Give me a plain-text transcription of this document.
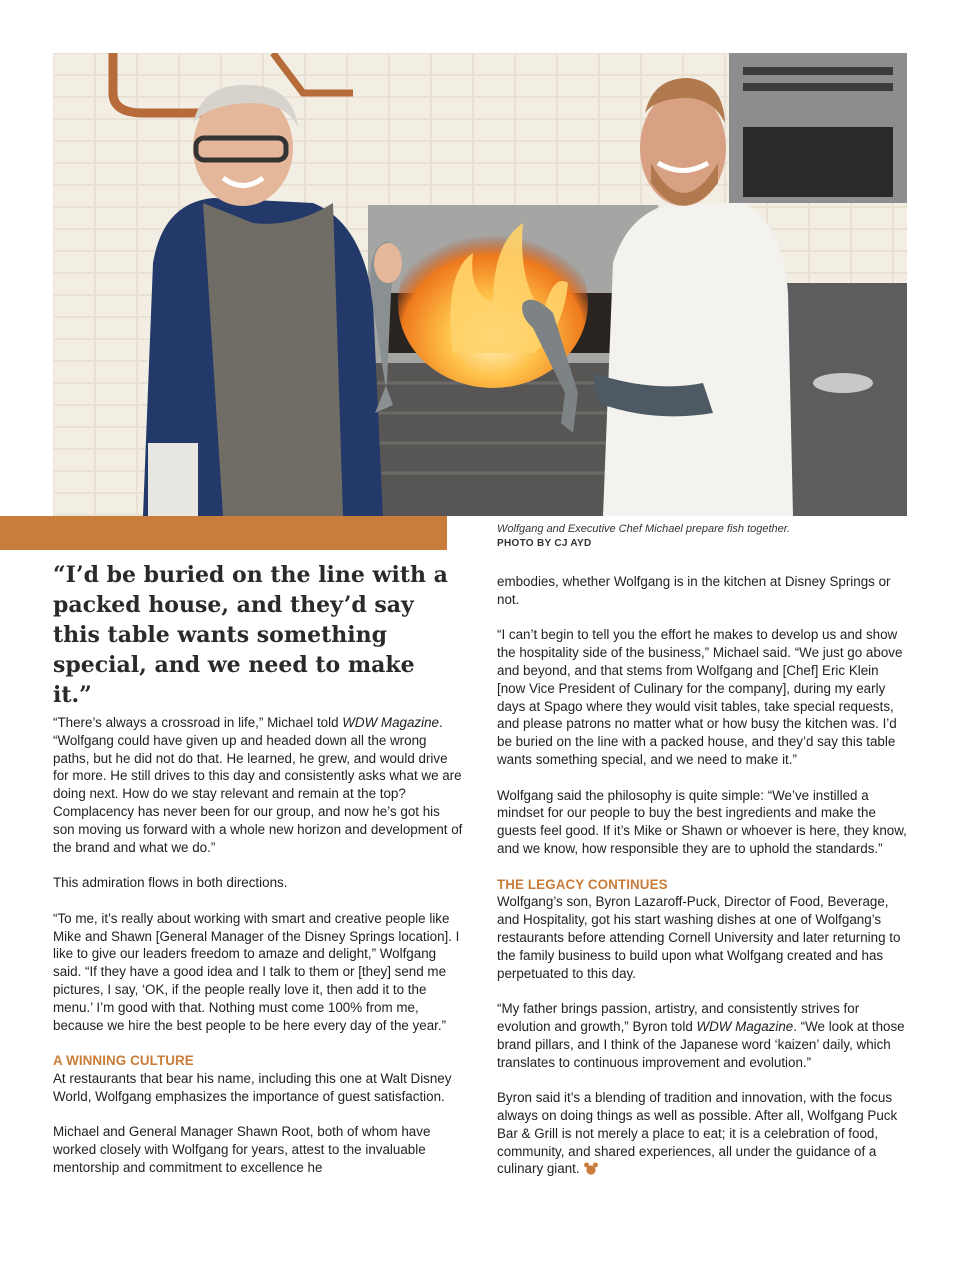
Wolfgang and Executive Chef Michael prepare fish together.
PHOTO BY CJ AYD
“I’d be buried on the line with a packed house, and they’d say this table wants something special, and we need to make it.”

“There’s always a crossroad in life,” Michael told WDW Magazine. “Wolfgang could have given up and headed down all the wrong paths, but he did not do that. He learned, he grew, and would drive for more. He still drives to this day and consistently asks what we are doing next. How do we stay relevant and remain at the top? Complacency has never been for our group, and now he’s got his son moving us forward with a whole new horizon and development of the brand and what we do.”

This admiration flows in both directions.

“To me, it’s really about working with smart and creative people like Mike and Shawn [General Manager of the Disney Springs location]. I like to give our leaders freedom to amaze and delight,” Wolfgang said. “If they have a good idea and I talk to them or [they] send me pictures, I say, ‘OK, if the people really love it, then add it to the menu.’ I’m good with that. Nothing must come 100% from me, because we hire the best people to be here every day of the year.”

A WINNING CULTURE

At restaurants that bear his name, including this one at Walt Disney World, Wolfgang emphasizes the importance of guest satisfaction.

Michael and General Manager Shawn Root, both of whom have worked closely with Wolfgang for years, attest to the invaluable mentorship and commitment to excellence he

embodies, whether Wolfgang is in the kitchen at Disney Springs or not.

“I can’t begin to tell you the effort he makes to develop us and show the hospitality side of the business,” Michael said. “We just go above and beyond, and that stems from Wolfgang and [Chef] Eric Klein [now Vice President of Culinary for the company], during my early days at Spago where they would visit tables, take special requests, and please patrons no matter what or how busy the kitchen was. I’d be buried on the line with a packed house, and they’d say this table wants something special, and we need to make it.”

Wolfgang said the philosophy is quite simple: “We’ve instilled a mindset for our people to buy the best ingredients and make the guests feel good. If it’s Mike or Shawn or whoever is here, they know, and we know, how responsible they are to uphold the standards.”

THE LEGACY CONTINUES

Wolfgang’s son, Byron Lazaroff-Puck, Director of Food, Beverage, and Hospitality, got his start washing dishes at one of Wolfgang’s restaurants before attending Cornell University and later returning to the family business to build upon what Wolfgang created and has perpetuated to this day.

“My father brings passion, artistry, and consistently strives for evolution and growth,” Byron told WDW Magazine. “We look at those brand pillars, and I think of the Japanese word ‘kaizen’ daily, which translates to continuous improvement and evolution.”

Byron said it’s a blending of tradition and innovation, with the focus always on doing things as well as possible. After all, Wolfgang Puck Bar & Grill is not merely a place to eat; it is a celebration of food, community, and shared experiences, all under the guidance of a culinary giant.
